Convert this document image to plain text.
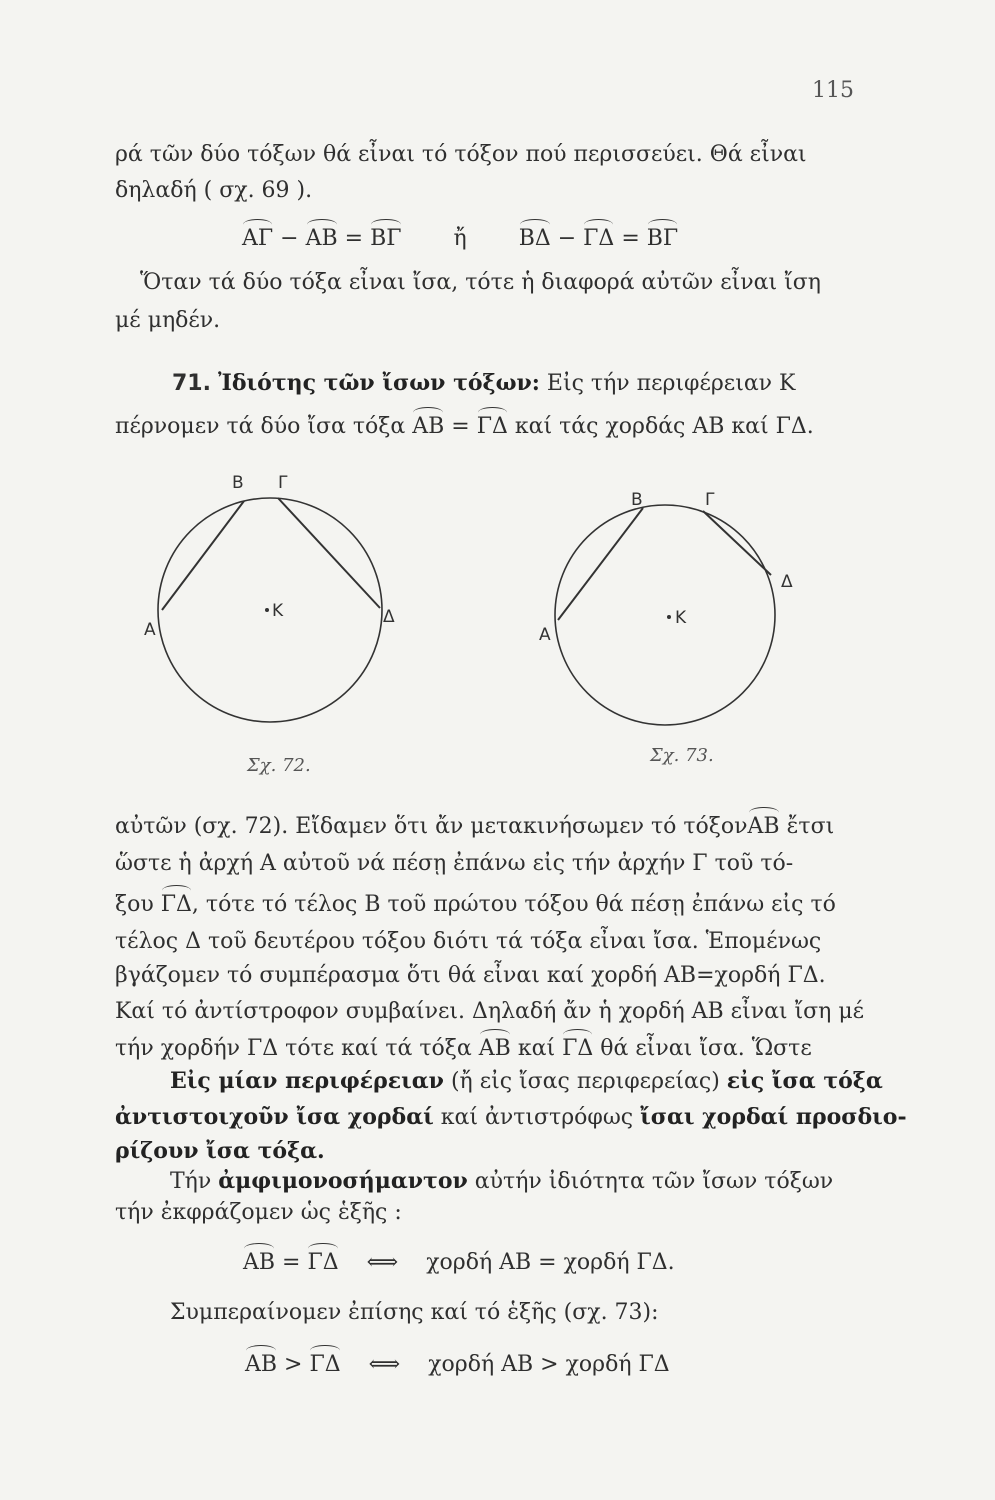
115
ρά τῶν δύο τόξων θά εἶναι τό τόξον πού περισσεύει. Θά εἶναι
δηλαδή ( σχ. 69 ).
ΑΓ − ΑΒ = ΒΓ ἤ ΒΔ − ΓΔ = ΒΓ
Ὅταν τά δύο τόξα εἶναι ἴσα, τότε ἡ διαφορά αὐτῶν εἶναι ἴση
μέ μηδέν.
71. Ἰδιότης τῶν ἴσων τόξων: Εἰς τήν περιφέρειαν Κ
πέρνομεν τά δύο ἴσα τόξα ΑΒ = ΓΔ καί τάς χορδάς ΑΒ καί ΓΔ.
Κ
Α
Β Γ
Δ
Σχ. 72.
Κ
Α
Β	Γ
Δ
Σχ. 73.
αὐτῶν (σχ. 72). Εἴδαμεν ὅτι ἄν μετακινήσωμεν τό τόξονΑΒ ἔτσι
ὥστε ἡ ἀρχή Α αὐτοῦ νά πέσῃ ἐπάνω εἰς τήν ἀρχήν Γ τοῦ τό-
ξου ΓΔ, τότε τό τέλος Β τοῦ πρώτου τόξου θά πέσῃ ἐπάνω εἰς τό
τέλος Δ τοῦ δευτέρου τόξου διότι τά τόξα εἶναι ἴσα. Ἑπομένως
βγάζομεν τό συμπέρασμα ὅτι θά εἶναι καί χορδή ΑΒ=χορδή ΓΔ.
Καί τό ἀντίστροφον συμβαίνει. Δηλαδή ἄν ἡ χορδή ΑΒ εἶναι ἴση μέ
τήν χορδήν ΓΔ τότε καί τά τόξα ΑΒ καί ΓΔ θά εἶναι ἴσα. Ὥστε
Εἰς μίαν περιφέρειαν (ἤ εἰς ἴσας περιφερείας) εἰς ἴσα τόξα
ἀντιστοιχοῦν ἴσα χορδαί καί ἀντιστρόφως ἴσαι χορδαί προσδιο-
ρίζουν ἴσα τόξα.
Τήν ἀμφιμονοσήμαντον αὐτήν ἰδιότητα τῶν ἴσων τόξων
τήν ἐκφράζομεν ὡς ἑξῆς :
ΑΒ = ΓΔ ⟺ χορδή ΑΒ = χορδή ΓΔ.
Συμπεραίνομεν ἐπίσης καί τό ἑξῆς (σχ. 73):
ΑΒ > ΓΔ ⟺ χορδή ΑΒ > χορδή ΓΔ
